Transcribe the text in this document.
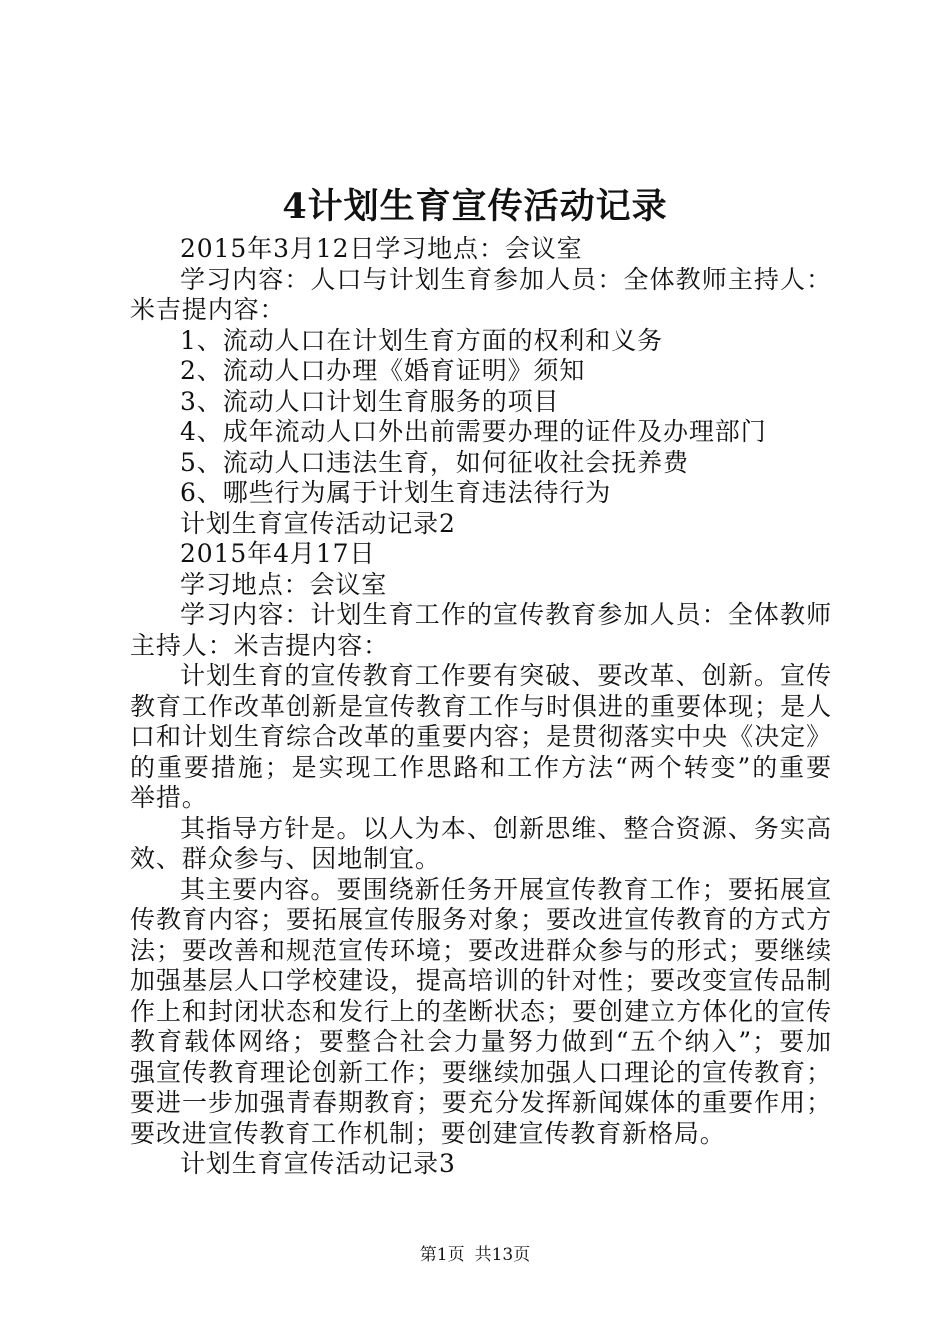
4计划生育宣传活动记录
2015年3月12日学习地点：会议室
学习内容：人口与计划生育参加人员：全体教师主持人：
米吉提内容：
1、流动人口在计划生育方面的权利和义务
2、流动人口办理《婚育证明》须知
3、流动人口计划生育服务的项目
4、成年流动人口外出前需要办理的证件及办理部门
5、流动人口违法生育，如何征收社会抚养费
6、哪些行为属于计划生育违法待行为
计划生育宣传活动记录2
2015年4月17日
学习地点：会议室
学习内容：计划生育工作的宣传教育参加人员：全体教师
主持人：米吉提内容：
计划生育的宣传教育工作要有突破、要改革、创新。宣传
教育工作改革创新是宣传教育工作与时俱进的重要体现；是人
口和计划生育综合改革的重要内容；是贯彻落实中央《决定》
的重要措施；是实现工作思路和工作方法“两个转变”的重要
举措。
其指导方针是。以人为本、创新思维、整合资源、务实高
效、群众参与、因地制宜。
其主要内容。要围绕新任务开展宣传教育工作；要拓展宣
传教育内容；要拓展宣传服务对象；要改进宣传教育的方式方
法；要改善和规范宣传环境；要改进群众参与的形式；要继续
加强基层人口学校建设，提高培训的针对性；要改变宣传品制
作上和封闭状态和发行上的垄断状态；要创建立方体化的宣传
教育载体网络；要整合社会力量努力做到“五个纳入”；要加
强宣传教育理论创新工作；要继续加强人口理论的宣传教育；
要进一步加强青春期教育；要充分发挥新闻媒体的重要作用；
要改进宣传教育工作机制；要创建宣传教育新格局。
计划生育宣传活动记录3
第1页 共13页
